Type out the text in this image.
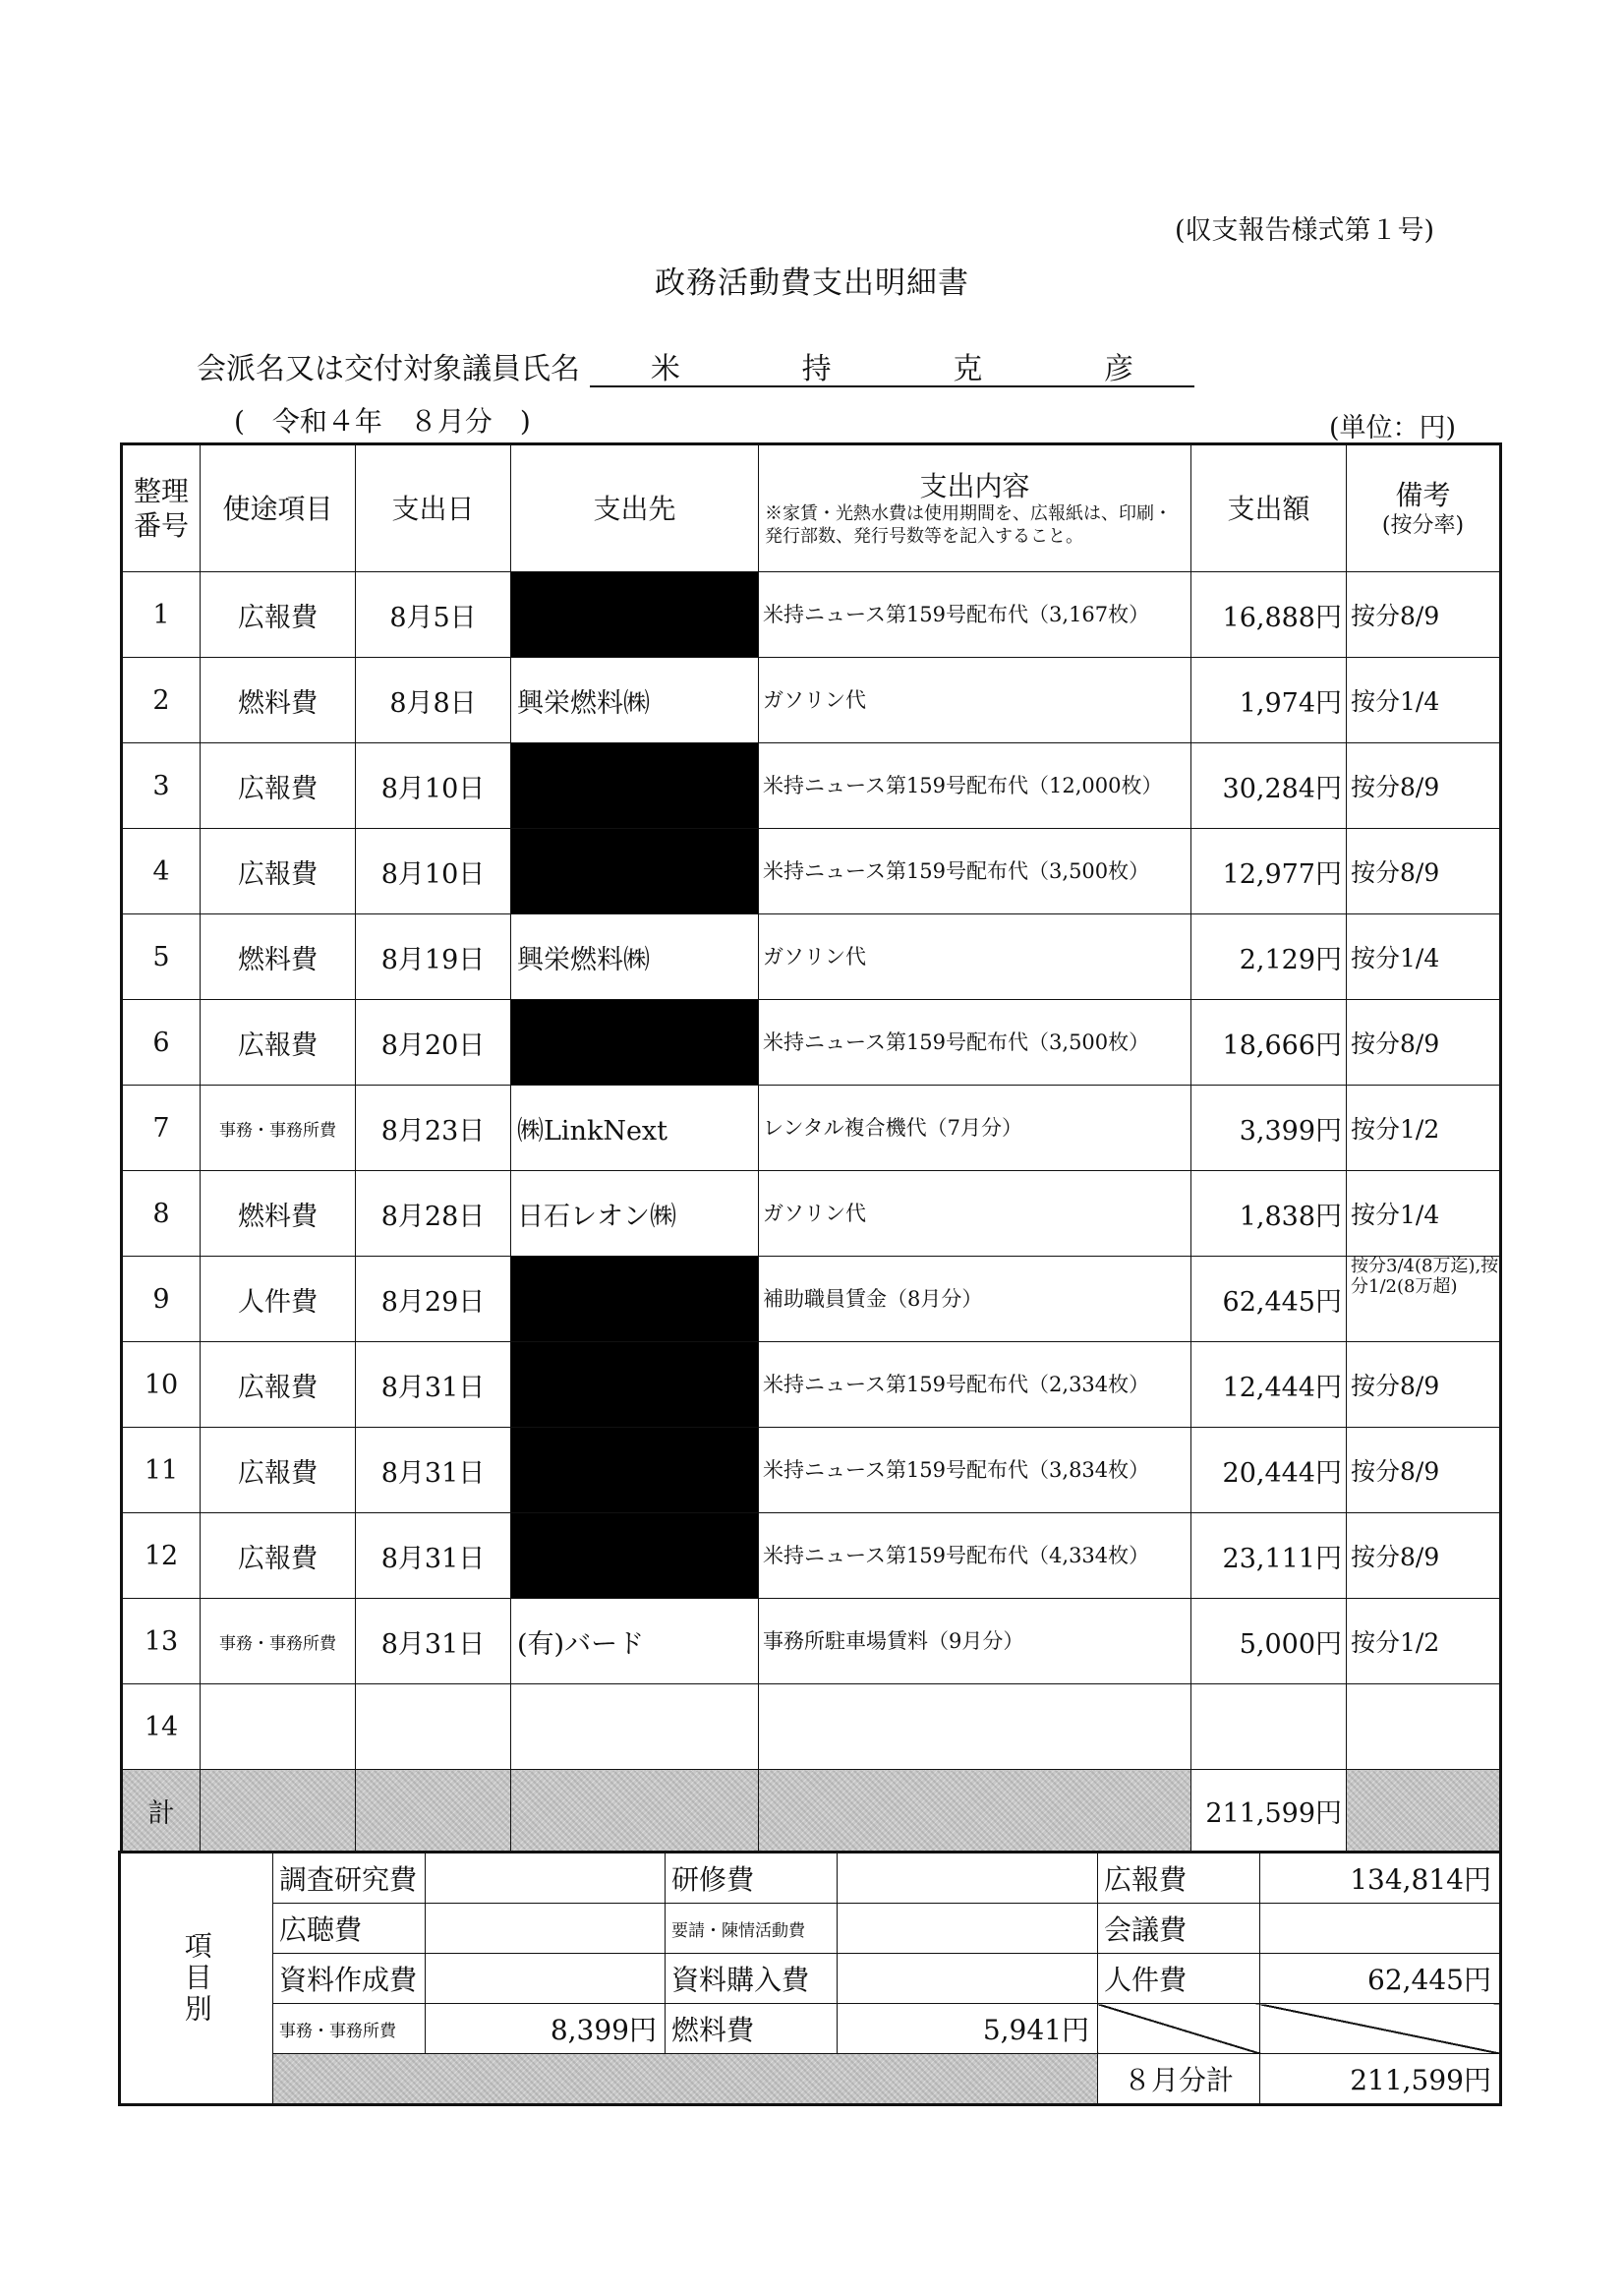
(収支報告様式第１号)
政務活動費支出明細書
会派名又は交付対象議員氏名 米	持	克	彦
(　令和４年　８月分　)	(単位：円)
整理番号	使途項目	支出日	支出先	支出内容
※家賃・光熱水費は使用期間を、広報紙は、印刷・発行部数、発行号数等を記入すること。	支出額	備考
(按分率)

1	広報費	8月5日		米持ニュース第159号配布代（3,167枚）	16,888円	按分8/9
2	燃料費	8月8日	興栄燃料㈱	ガソリン代	1,974円	按分1/4
3	広報費	8月10日		米持ニュース第159号配布代（12,000枚）	30,284円	按分8/9
4	広報費	8月10日		米持ニュース第159号配布代（3,500枚）	12,977円	按分8/9
5	燃料費	8月19日	興栄燃料㈱	ガソリン代	2,129円	按分1/4
6	広報費	8月20日		米持ニュース第159号配布代（3,500枚）	18,666円	按分8/9
7	事務・事務所費	8月23日	㈱LinkNext	レンタル複合機代（7月分）	3,399円	按分1/2
8	燃料費	8月28日	日石レオン㈱	ガソリン代	1,838円	按分1/4
9	人件費	8月29日		補助職員賃金（8月分）	62,445円	按分3/4(8万迄),按分1/2(8万超)
10	広報費	8月31日		米持ニュース第159号配布代（2,334枚）	12,444円	按分8/9
11	広報費	8月31日		米持ニュース第159号配布代（3,834枚）	20,444円	按分8/9
12	広報費	8月31日		米持ニュース第159号配布代（4,334枚）	23,111円	按分8/9
13	事務・事務所費	8月31日	(有)バード	事務所駐車場賃料（9月分）	5,000円	按分1/2
14						
計					211,599円	
項目別	調査研究費		研修費		広報費	134,814円
	広聴費		要請・陳情活動費		会議費	
	資料作成費		資料購入費		人件費	62,445円
	事務・事務所費	8,399円	燃料費	5,941円		
					８月分計	211,599円
